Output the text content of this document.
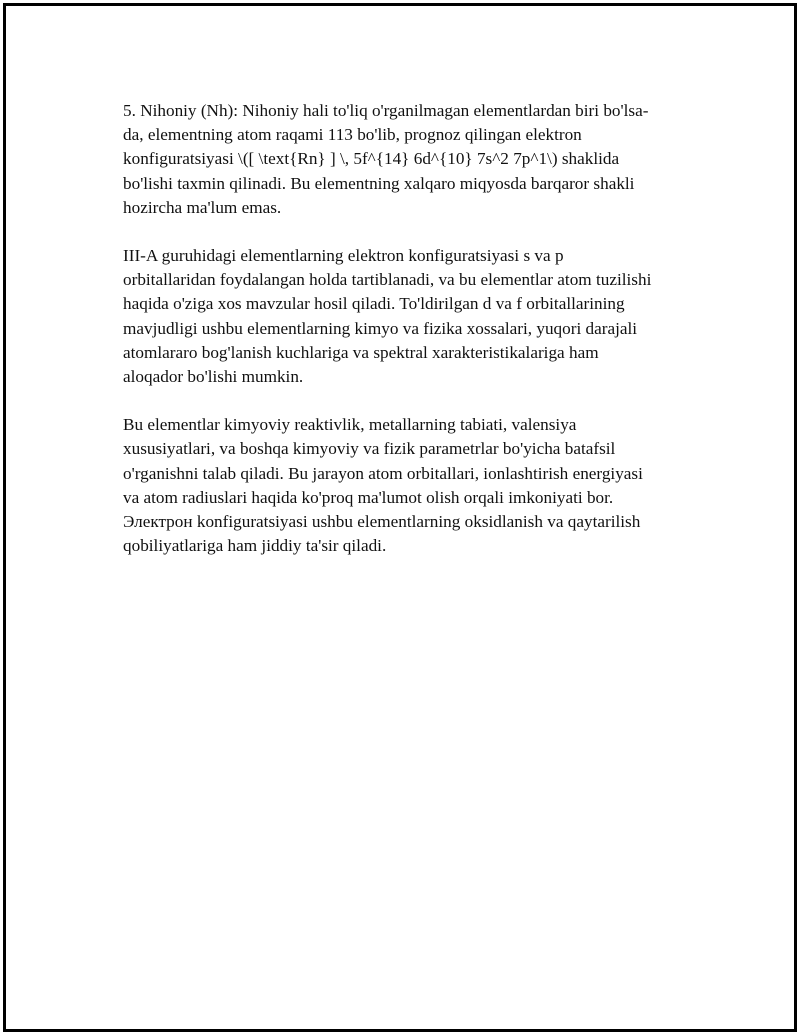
5. Nihoniy (Nh): Nihoniy hali to'liq o'rganilmagan elementlardan biri bo'lsa-
da, elementning atom raqami 113 bo'lib, prognoz qilingan elektron
konfiguratsiyasi \([ \text{Rn} ] \, 5f^{14} 6d^{10} 7s^2 7p^1\) shaklida
bo'lishi taxmin qilinadi. Bu elementning xalqaro miqyosda barqaror shakli
hozircha ma'lum emas.

III-A guruhidagi elementlarning elektron konfiguratsiyasi s va p
orbitallaridan foydalangan holda tartiblanadi, va bu elementlar atom tuzilishi
haqida o'ziga xos mavzular hosil qiladi. To'ldirilgan d va f orbitallarining
mavjudligi ushbu elementlarning kimyo va fizika xossalari, yuqori darajali
atomlararo bog'lanish kuchlariga va spektral xarakteristikalariga ham
aloqador bo'lishi mumkin.

Bu elementlar kimyoviy reaktivlik, metallarning tabiati, valensiya
xususiyatlari, va boshqa kimyoviy va fizik parametrlar bo'yicha batafsil
o'rganishni talab qiladi. Bu jarayon atom orbitallari, ionlashtirish energiyasi
va atom radiuslari haqida ko'proq ma'lumot olish orqali imkoniyati bor.
Электрон konfiguratsiyasi ushbu elementlarning oksidlanish va qaytarilish
qobiliyatlariga ham jiddiy ta'sir qiladi.
